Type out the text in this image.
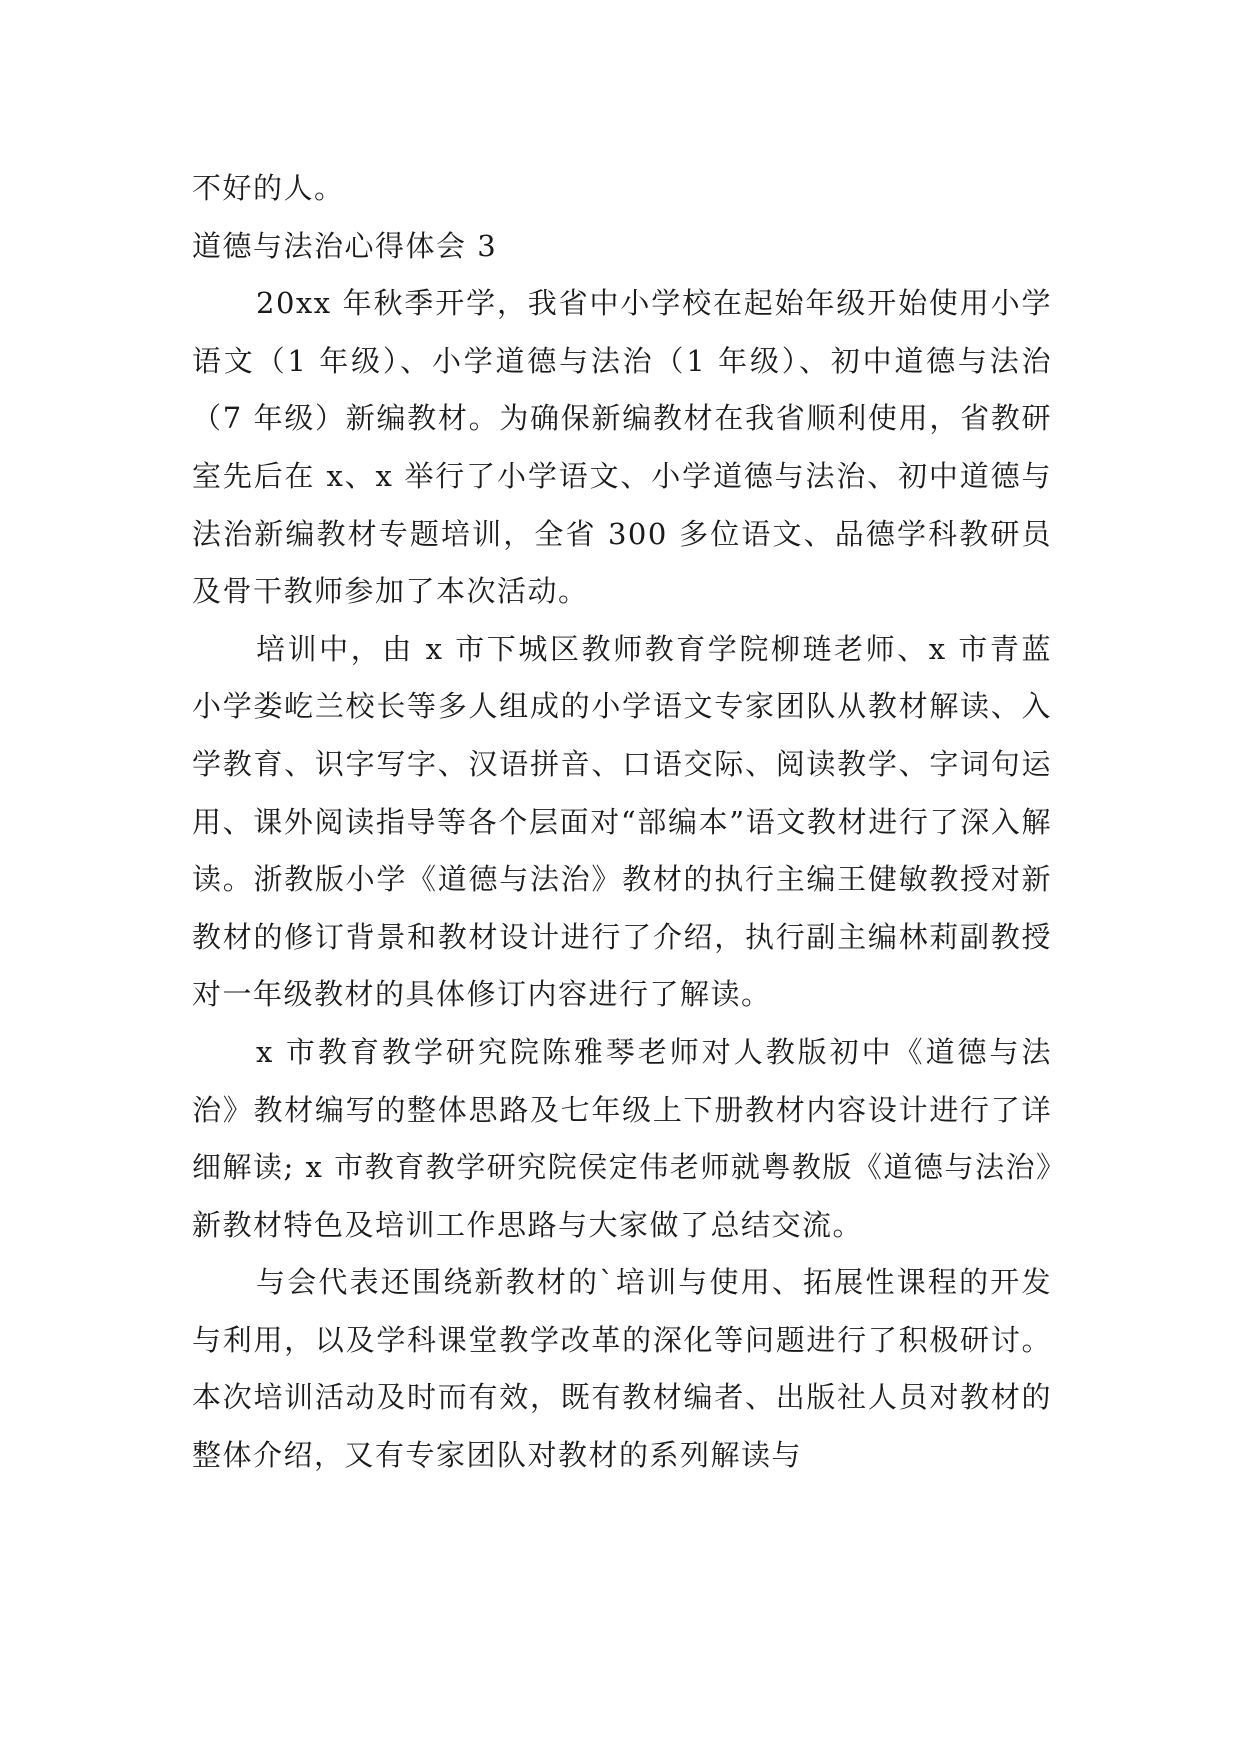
不好的人。

道德与法治心得体会 3

20xx 年秋季开学，我省中小学校在起始年级开始使用小学语文（1 年级）、小学道德与法治（1 年级）、初中道德与法治（7 年级）新编教材。为确保新编教材在我省顺利使用，省教研室先后在 x、x 举行了小学语文、小学道德与法治、初中道德与法治新编教材专题培训，全省 300 多位语文、品德学科教研员及骨干教师参加了本次活动。

培训中，由 x 市下城区教师教育学院柳琏老师、x 市青蓝小学娄屹兰校长等多人组成的小学语文专家团队从教材解读、入学教育、识字写字、汉语拼音、口语交际、阅读教学、字词句运用、课外阅读指导等各个层面对“部编本”语文教材进行了深入解读。浙教版小学《道德与法治》教材的执行主编王健敏教授对新教材的修订背景和教材设计进行了介绍，执行副主编林莉副教授对一年级教材的具体修订内容进行了解读。

x 市教育教学研究院陈雅琴老师对人教版初中《道德与法治》教材编写的整体思路及七年级上下册教材内容设计进行了详细解读; x 市教育教学研究院侯定伟老师就粤教版《道德与法治》新教材特色及培训工作思路与大家做了总结交流。

与会代表还围绕新教材的`培训与使用、拓展性课程的开发与利用，以及学科课堂教学改革的深化等问题进行了积极研讨。本次培训活动及时而有效，既有教材编者、出版社人员对教材的整体介绍，又有专家团队对教材的系列解读与
